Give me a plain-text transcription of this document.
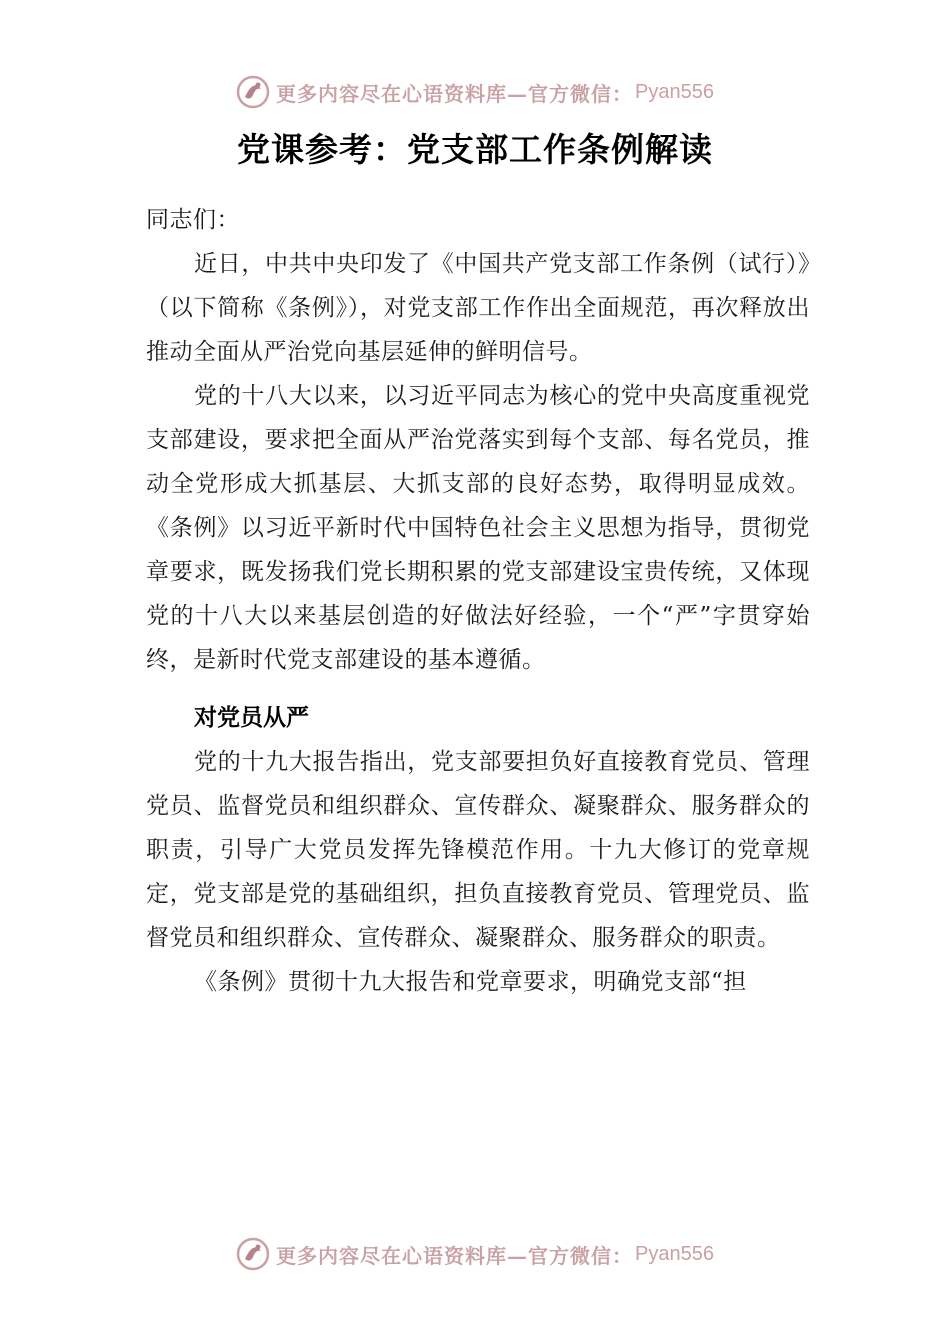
更多内容尽在心语资料库— 官方微信： Pyan556
党课参考：党支部工作条例解读

同志们：

近日，中共中央印发了《中国共产党支部工作条例（试行）》（以下简称《条例》），对党支部工作作出全面规范，再次释放出推动全面从严治党向基层延伸的鲜明信号。

党的十八大以来，以习近平同志为核心的党中央高度重视党支部建设，要求把全面从严治党落实到每个支部、每名党员，推动全党形成大抓基层、大抓支部的良好态势，取得明显成效。《条例》以习近平新时代中国特色社会主义思想为指导，贯彻党章要求，既发扬我们党长期积累的党支部建设宝贵传统，又体现党的十八大以来基层创造的好做法好经验，一个“严”字贯穿始终，是新时代党支部建设的基本遵循。

对党员从严

党的十九大报告指出，党支部要担负好直接教育党员、管理党员、监督党员和组织群众、宣传群众、凝聚群众、服务群众的职责，引导广大党员发挥先锋模范作用。十九大修订的党章规定，党支部是党的基础组织，担负直接教育党员、管理党员、监督党员和组织群众、宣传群众、凝聚群众、服务群众的职责。

《条例》贯彻十九大报告和党章要求，明确党支部“担

更多内容尽在心语资料库— 官方微信： Pyan556
